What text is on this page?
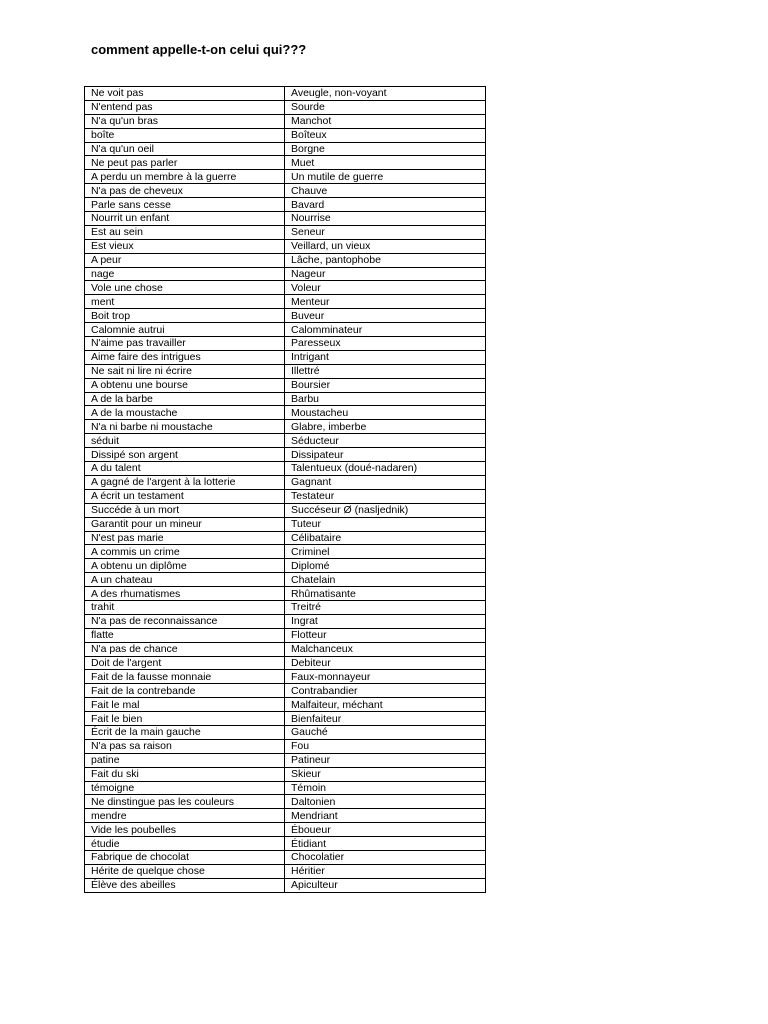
comment appelle-t-on celui qui???
Ne voit pas	Aveugle, non-voyant
N'entend pas	Sourde
N'a qu'un bras	Manchot
boîte	Boîteux
N'a qu'un oeil	Borgne
Ne peut pas parler	Muet
A perdu un membre à la guerre	Un mutile de guerre
N'a pas de cheveux	Chauve
Parle sans cesse	Bavard
Nourrit un enfant	Nourrise
Est au sein	Seneur
Est vieux	Veillard, un vieux
A peur	Lâche, pantophobe
nage	Nageur
Vole une chose	Voleur
ment	Menteur
Boit trop	Buveur
Calomnie autrui	Calomminateur
N'aime pas travailler	Paresseux
Aime faire des intrigues	Intrigant
Ne sait ni lire ni écrire	Illettré
A obtenu une bourse	Boursier
A de la barbe	Barbu
A de la moustache	Moustacheu
N'a ni barbe ni moustache	Glabre, imberbe
séduit	Séducteur
Dissipé son argent	Dissipateur
A du talent	Talentueux (doué-nadaren)
A gagné de l'argent à la lotterie	Gagnant
A écrit un testament	Testateur
Succéde à un mort	Succéseur Ø (nasljednik)
Garantit pour un mineur	Tuteur
N'est pas marie	Célibataire
A commis un crime	Criminel
A obtenu un diplôme	Diplomé
A un chateau	Chatelain
A des rhumatismes	Rhûmatisante
trahit	Treitré
N'a pas de reconnaissance	Ingrat
flatte	Flotteur
N'a pas de chance	Malchanceux
Doit de l'argent	Debiteur
Fait de la fausse monnaie	Faux-monnayeur
Fait de la contrebande	Contrabandier
Fait le mal	Malfaiteur, méchant
Fait le bien	Bienfaiteur
Écrit de la main gauche	Gauché
N'a pas sa raison	Fou
patine	Patineur
Fait du ski	Skieur
témoigne	Témoin
Ne dinstingue pas les couleurs	Daltonien
mendre	Mendriant
Vide les poubelles	Éboueur
étudie	Étidiant
Fabrique de chocolat	Chocolatier
Hérite de quelque chose	Héritier
Élève des abeilles	Apiculteur
